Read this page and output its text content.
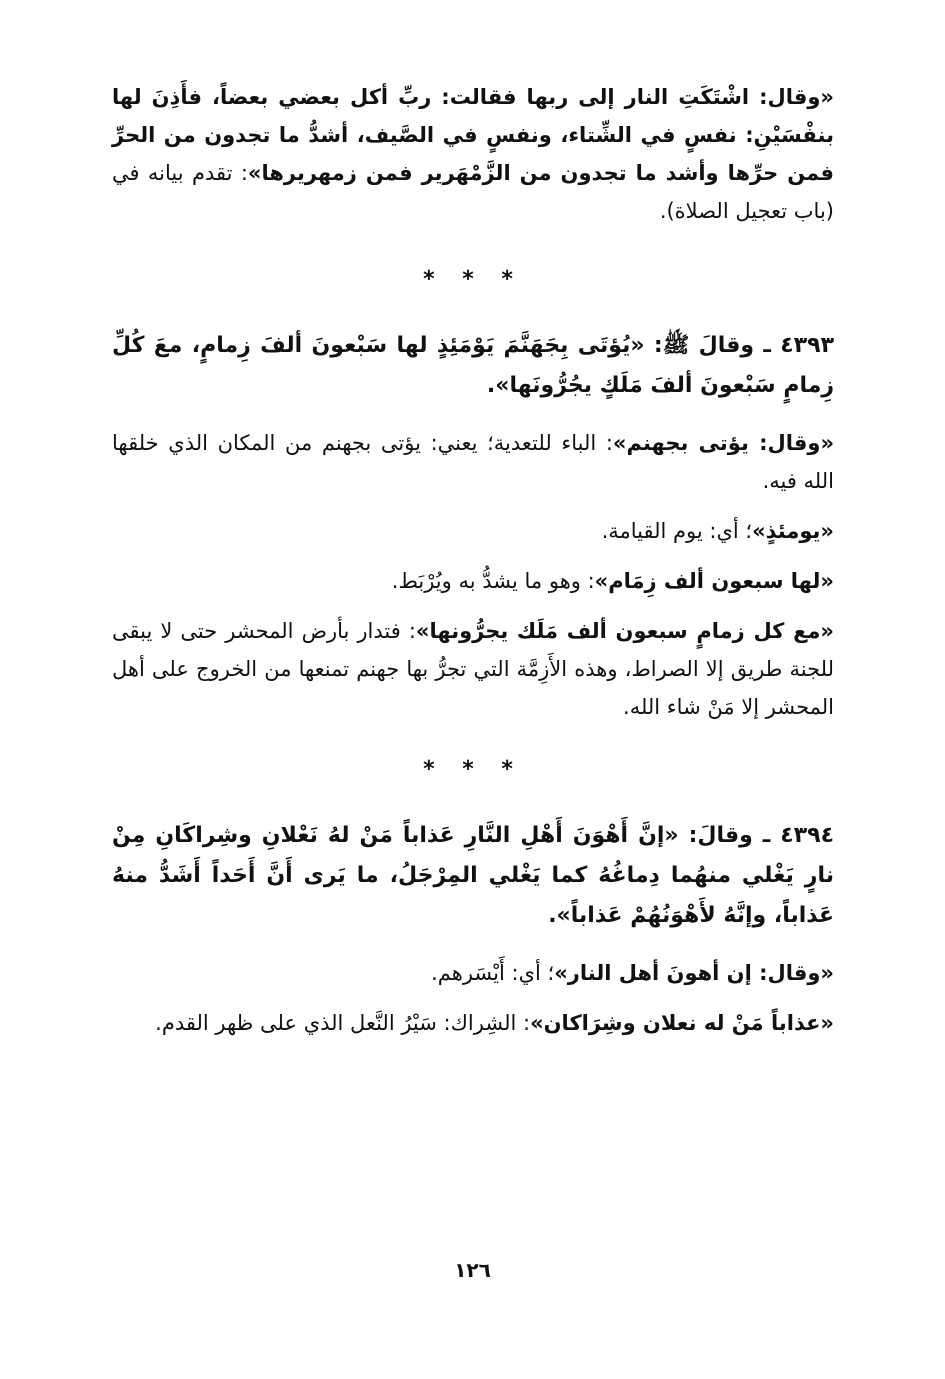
«وقال: اشْتَكَتِ النار إلى ربها فقالت: ربِّ أكل بعضي بعضاً، فأَذِنَ لها بنفْسَيْنِ: نفسٍ في الشِّتاء، ونفسٍ في الصَّيف، أشدُّ ما تجدون من الحرِّ فمن حرِّها وأشد ما تجدون من الزَّمْهَرير فمن زمهريرها»: تقدم بيانه في (باب تعجيل الصلاة).

* * *

٤٣٩٣ ـ وقالَ ﷺ: «يُؤتَى بِجَهَنَّمَ يَوْمَئِذٍ لها سَبْعونَ ألفَ زِمامٍ، معَ كُلِّ زِمامٍ سَبْعونَ ألفَ مَلَكٍ يجُرُّونَها».

«وقال: يؤتى بجهنم»: الباء للتعدية؛ يعني: يؤتى بجهنم من المكان الذي خلقها الله فيه.

«يومئذٍ»؛ أي: يوم القيامة.

«لها سبعون ألف زِمَام»: وهو ما يشدُّ به ويُرْبَط.

«مع كل زمامٍ سبعون ألف مَلَك يجرُّونها»: فتدار بأرض المحشر حتى لا يبقى للجنة طريق إلا الصراط، وهذه الأَزِمَّة التي تجرُّ بها جهنم تمنعها من الخروج على أهل المحشر إلا مَنْ شاء الله.

* * *

٤٣٩٤ ـ وقالَ: «إنَّ أَهْوَنَ أَهْلِ النَّارِ عَذاباً مَنْ لهُ نَعْلانِ وشِراكَانِ مِنْ نارٍ يَغْلي منهُما دِماغُهُ كما يَغْلي المِرْجَلُ، ما يَرى أَنَّ أَحَداً أَشَدُّ منهُ عَذاباً، وإنَّهُ لأَهْوَنُهُمْ عَذاباً».

«وقال: إن أهونَ أهل النار»؛ أي: أَيْسَرهم.

«عذاباً مَنْ له نعلان وشِرَاكان»: الشِراك: سَيْرُ النَّعل الذي على ظهر القدم.

١٢٦
